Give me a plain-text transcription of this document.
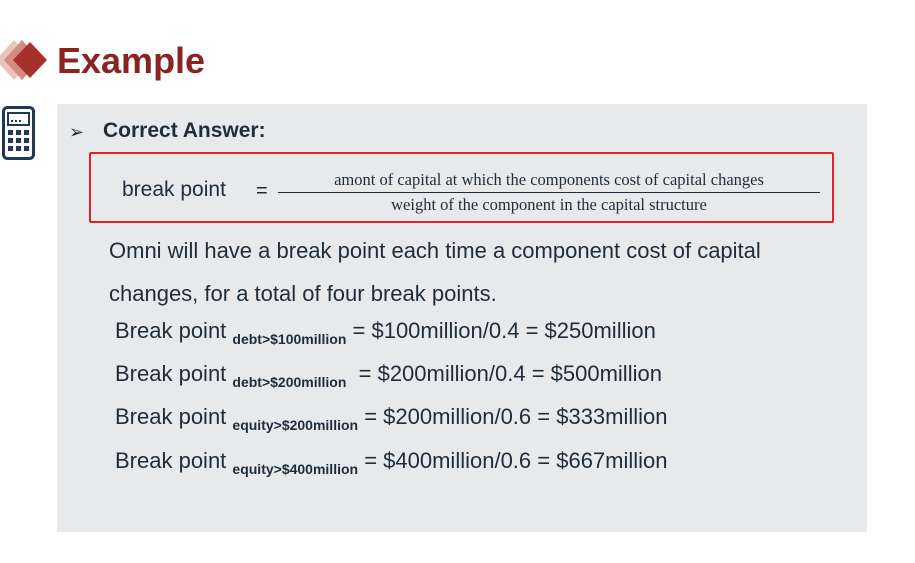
Example
➢ Correct Answer:
break point =
amont of capital at which the components cost of capital changes
weight of the component in the capital structure
Omni will have a break point each time a component cost of capital changes, for a total of four break points.
Break point $_{debt>\$100million}$ = $100million/0.4 = $250million
Break point $_{debt>\$200million}$  = $200million/0.4 = $500million
Break point $_{equity>\$200million}$ = $200million/0.6 = $333million
Break point $_{equity>\$400million}$ = $400million/0.6 = $667million
